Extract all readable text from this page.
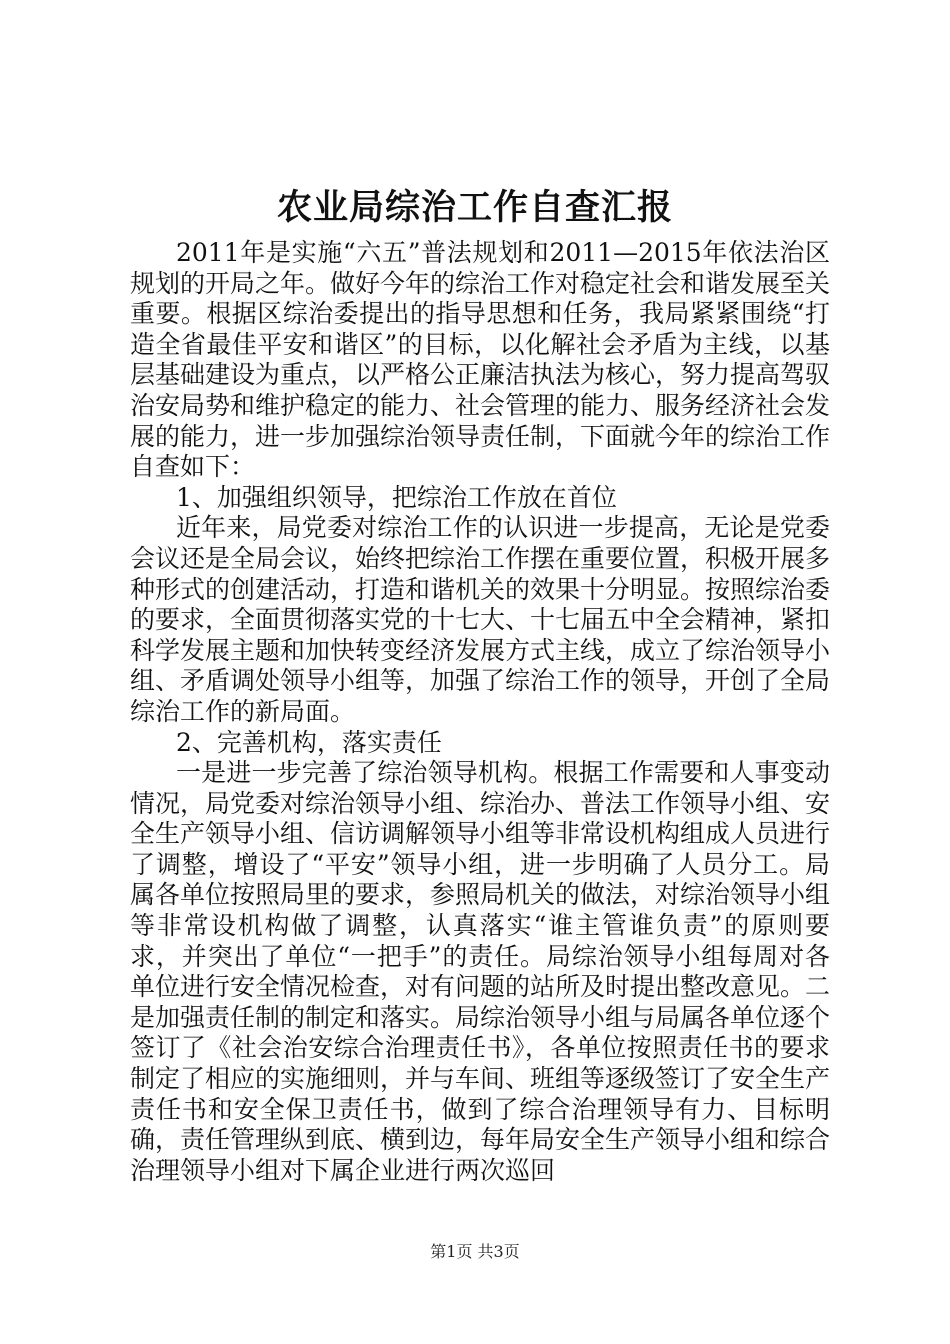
农业局综治工作自查汇报

2011年是实施“六五”普法规划和2011—2015年依法治区规划的开局之年。做好今年的综治工作对稳定社会和谐发展至关重要。根据区综治委提出的指导思想和任务，我局紧紧围绕“打造全省最佳平安和谐区”的目标，以化解社会矛盾为主线，以基层基础建设为重点，以严格公正廉洁执法为核心，努力提高驾驭治安局势和维护稳定的能力、社会管理的能力、服务经济社会发展的能力，进一步加强综治领导责任制，下面就今年的综治工作自查如下：

1、加强组织领导，把综治工作放在首位

近年来，局党委对综治工作的认识进一步提高，无论是党委会议还是全局会议，始终把综治工作摆在重要位置，积极开展多种形式的创建活动，打造和谐机关的效果十分明显。按照综治委的要求，全面贯彻落实党的十七大、十七届五中全会精神，紧扣科学发展主题和加快转变经济发展方式主线，成立了综治领导小组、矛盾调处领导小组等，加强了综治工作的领导，开创了全局综治工作的新局面。

2、完善机构，落实责任

一是进一步完善了综治领导机构。根据工作需要和人事变动情况，局党委对综治领导小组、综治办、普法工作领导小组、安全生产领导小组、信访调解领导小组等非常设机构组成人员进行了调整，增设了“平安”领导小组，进一步明确了人员分工。局属各单位按照局里的要求，参照局机关的做法，对综治领导小组等非常设机构做了调整，认真落实“谁主管谁负责”的原则要求，并突出了单位“一把手”的责任。局综治领导小组每周对各单位进行安全情况检查，对有问题的站所及时提出整改意见。二是加强责任制的制定和落实。局综治领导小组与局属各单位逐个签订了《社会治安综合治理责任书》，各单位按照责任书的要求制定了相应的实施细则，并与车间、班组等逐级签订了安全生产责任书和安全保卫责任书，做到了综合治理领导有力、目标明确，责任管理纵到底、横到边，每年局安全生产领导小组和综合治理领导小组对下属企业进行两次巡回

第1页 共3页
